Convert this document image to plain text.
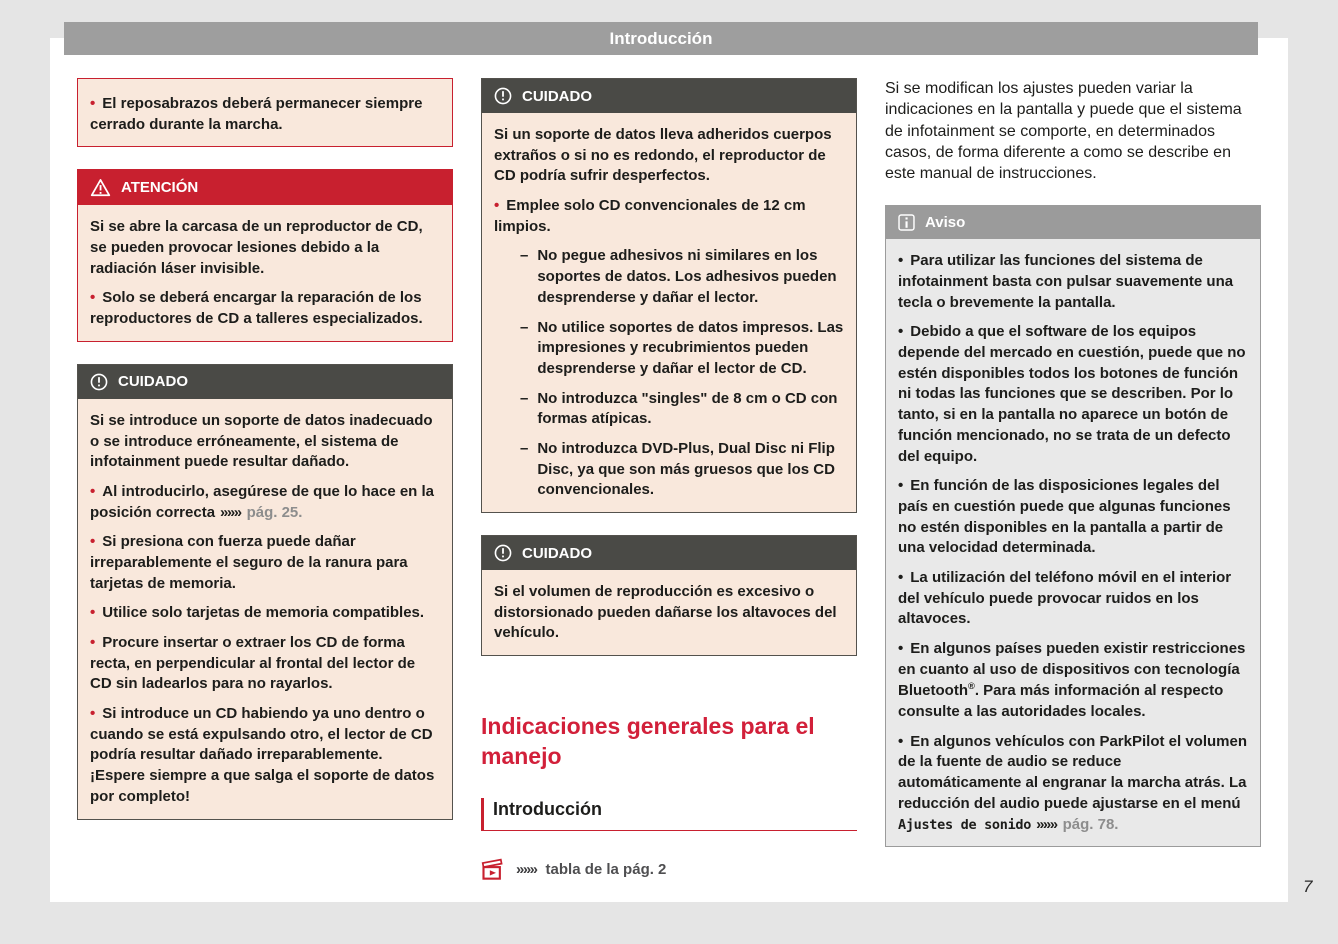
• El reposabrazos deberá permanecer siempre cerrado durante la marcha.

ATENCIÓN

Si se abre la carcasa de un reproductor de CD, se pueden provocar lesiones debido a la radiación láser invisible.

• Solo se deberá encargar la reparación de los reproductores de CD a talleres especializados.

CUIDADO

Si se introduce un soporte de datos inadecuado o se introduce erróneamente, el sistema de infotainment puede resultar dañado.

• Al introducirlo, asegúrese de que lo hace en la posición correcta »»» pág. 25.

• Si presiona con fuerza puede dañar irreparablemente el seguro de la ranura para tarjetas de memoria.

• Utilice solo tarjetas de memoria compatibles.

• Procure insertar o extraer los CD de forma recta, en perpendicular al frontal del lector de CD sin ladearlos para no rayarlos.

• Si introduce un CD habiendo ya uno dentro o cuando se está expulsando otro, el lector de CD podría resultar dañado irreparablemente. ¡Espere siempre a que salga el soporte de datos por completo!

CUIDADO

Si un soporte de datos lleva adheridos cuerpos extraños o si no es redondo, el reproductor de CD podría sufrir desperfectos.

• Emplee solo CD convencionales de 12 cm limpios.

– No pegue adhesivos ni similares en los soportes de datos. Los adhesivos pueden desprenderse y dañar el lector.

– No utilice soportes de datos impresos. Las impresiones y recubrimientos pueden desprenderse y dañar el lector de CD.

– No introduzca "singles" de 8 cm o CD con formas atípicas.

– No introduzca DVD-Plus, Dual Disc ni Flip Disc, ya que son más gruesos que los CD convencionales.

CUIDADO

Si el volumen de reproducción es excesivo o distorsionado pueden dañarse los altavoces del vehículo.

Indicaciones generales para el manejo
Introducción
»»» tabla de la pág. 2

Si se modifican los ajustes pueden variar la indicaciones en la pantalla y puede que el sistema de infotainment se comporte, en determinados casos, de forma diferente a como se describe en este manual de instrucciones.

Aviso

• Para utilizar las funciones del sistema de infotainment basta con pulsar suavemente una tecla o brevemente la pantalla.

• Debido a que el software de los equipos depende del mercado en cuestión, puede que no estén disponibles todos los botones de función ni todas las funciones que se describen. Por lo tanto, si en la pantalla no aparece un botón de función mencionado, no se trata de un defecto del equipo.

• En función de las disposiciones legales del país en cuestión puede que algunas funciones no estén disponibles en la pantalla a partir de una velocidad determinada.

• La utilización del teléfono móvil en el interior del vehículo puede provocar ruidos en los altavoces.

• En algunos países pueden existir restricciones en cuanto al uso de dispositivos con tecnología Bluetooth®. Para más información al respecto consulte a las autoridades locales.

• En algunos vehículos con ParkPilot el volumen de la fuente de audio se reduce automáticamente al engranar la marcha atrás. La reducción del audio puede ajustarse en el menú Ajustes de sonido »»» pág. 78.

Introducción
7
